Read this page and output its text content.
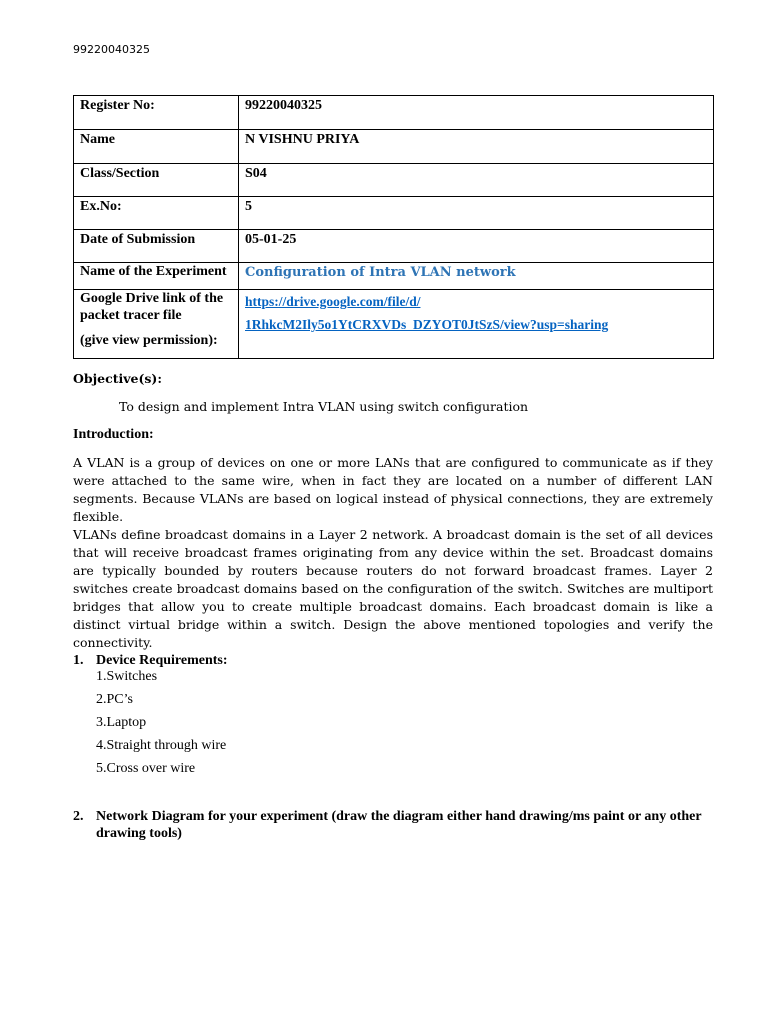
99220040325
Register No:	99220040325

Name	N VISHNU PRIYA

Class/Section	S04

Ex.No:	5

Date of Submission	05-01-25

Name of the Experiment	Configuration of Intra VLAN network

Google Drive link of the
packet tracer file
(give view permission):	https://drive.google.com/file/d/
1RhkcM2Ily5o1YtCRXVDs_DZYOT0JtSzS/view?usp=sharing
Objective(s):
To design and implement Intra VLAN using switch configuration
Introduction:

A VLAN is a group of devices on one or more LANs that are configured to communicate as if they were attached to the same wire, when in fact they are located on a number of different LAN segments. Because VLANs are based on logical instead of physical connections, they are extremely flexible.

VLANs define broadcast domains in a Layer 2 network. A broadcast domain is the set of all devices that will receive broadcast frames originating from any device within the set. Broadcast domains are typically bounded by routers because routers do not forward broadcast frames. Layer 2 switches create broadcast domains based on the configuration of the switch. Switches are multiport bridges that allow you to create multiple broadcast domains. Each broadcast domain is like a distinct virtual bridge within a switch. Design the above mentioned topologies and verify the connectivity.

1. Device Requirements:
1.Switches
2.PC’s
3.Laptop
4.Straight through wire
5.Cross over wire
2. Network Diagram for your experiment (draw the diagram either hand drawing/ms paint or any other drawing tools)
